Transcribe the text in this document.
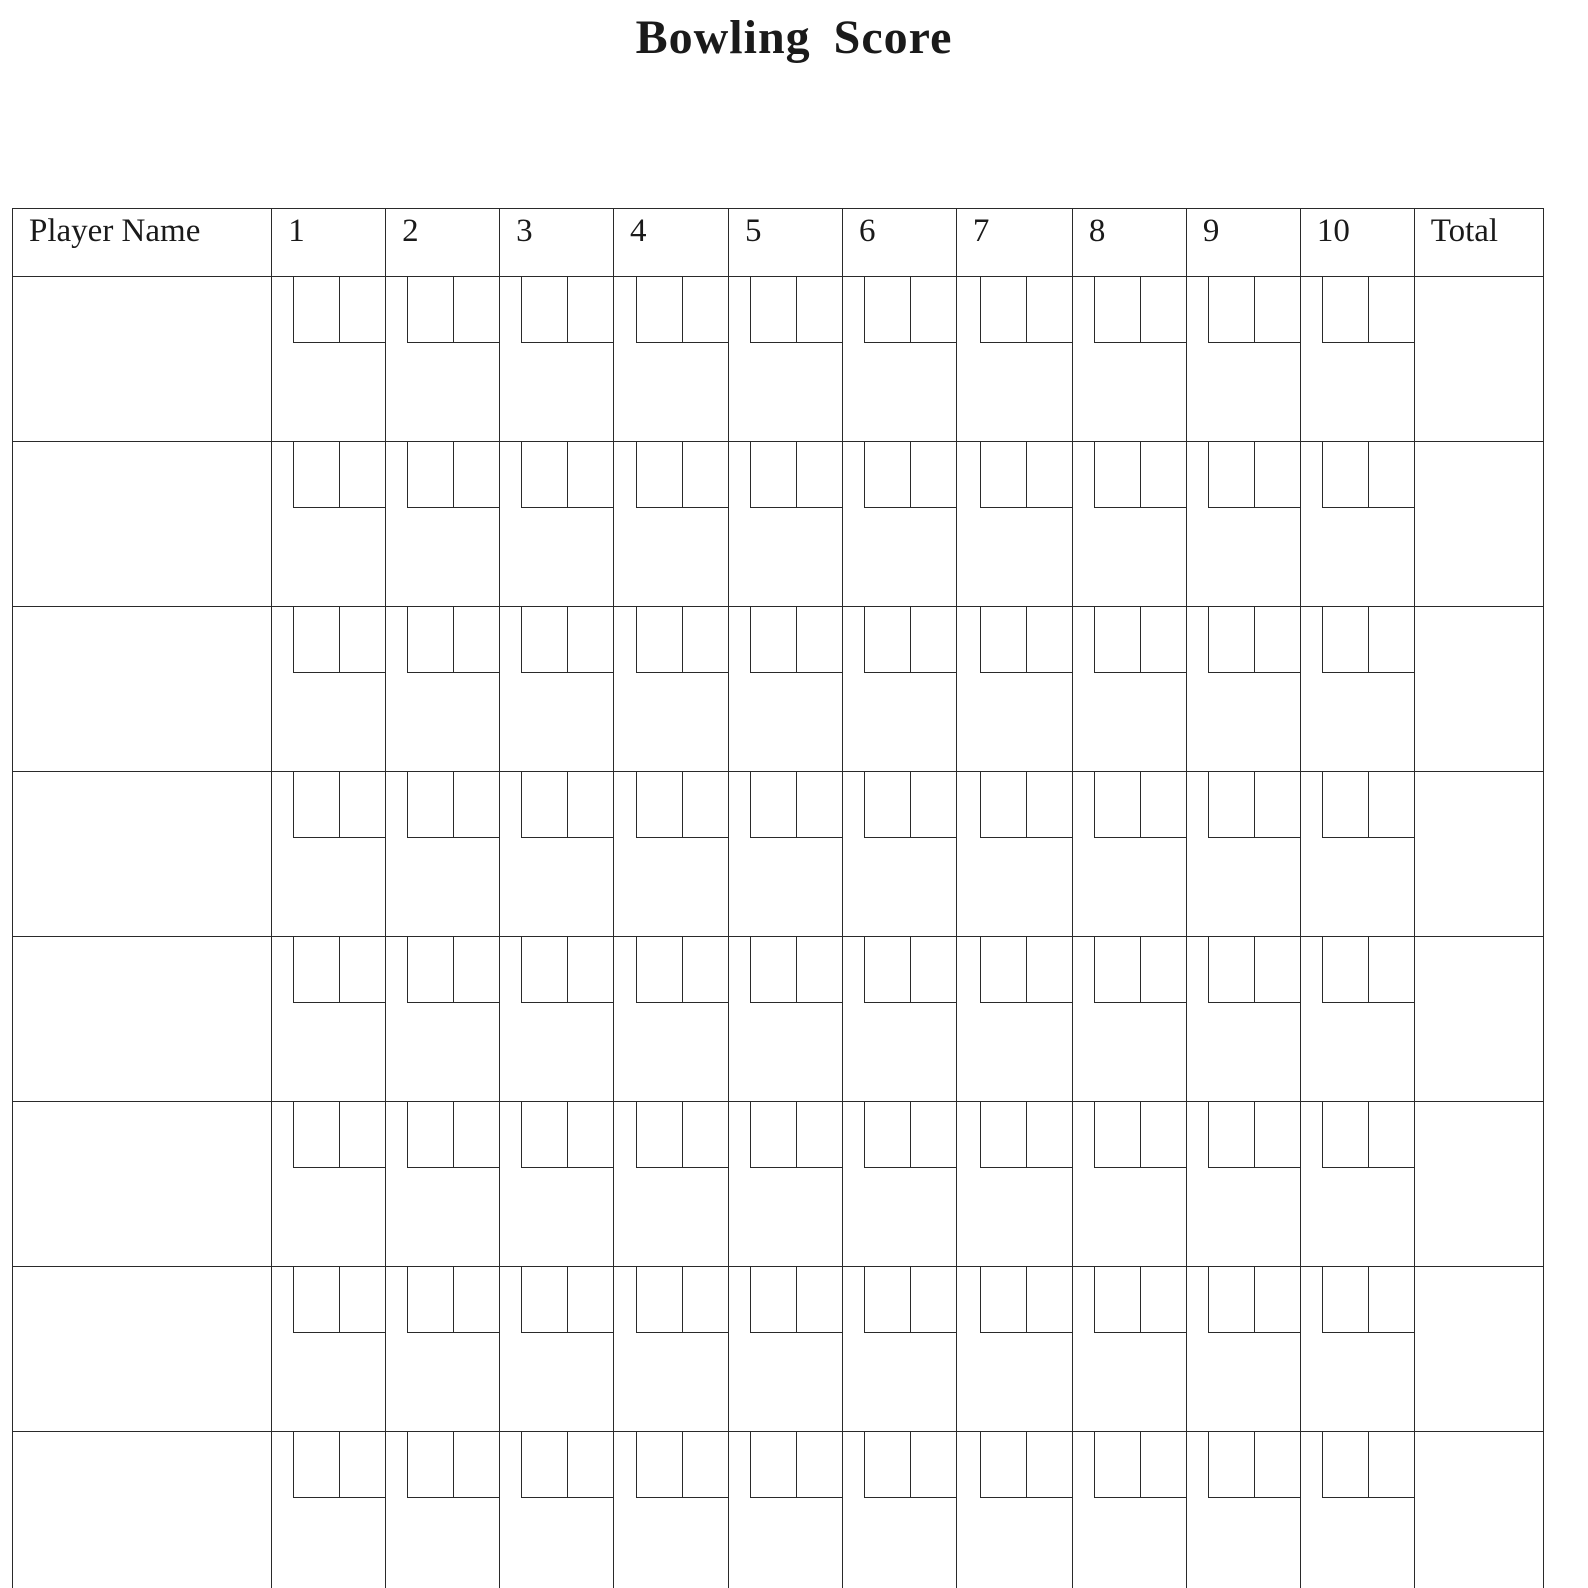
Bowling Score
Player Name	1	2	3	4	5	6	7	8	9	10	Total
